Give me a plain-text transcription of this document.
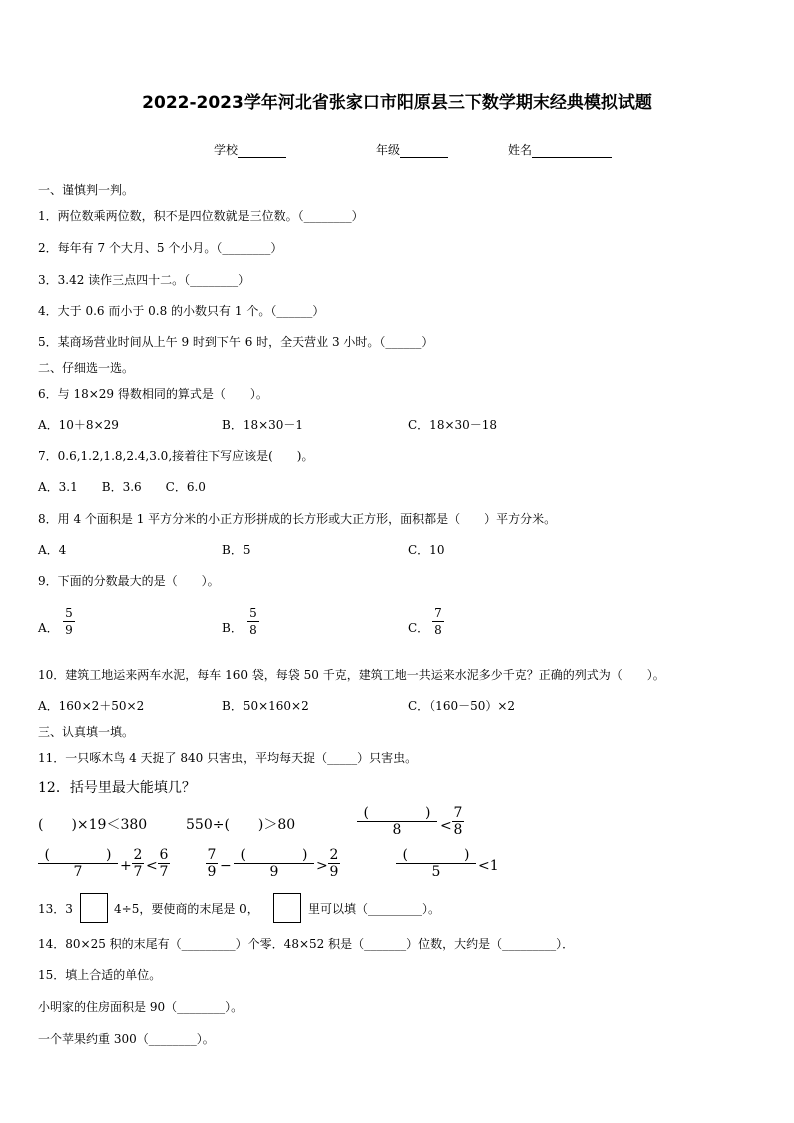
2022-2023学年河北省张家口市阳原县三下数学期末经典模拟试题
学校	年级	姓名
一、谨慎判一判。
1．两位数乘两位数，积不是四位数就是三位数。（________）
2．每年有 7 个大月、5 个小月。（________）
3．3.42 读作三点四十二。（________）
4．大于 0.6 而小于 0.8 的小数只有 1 个。（______）
5．某商场营业时间从上午 9 时到下午 6 时，全天营业 3 小时。（______）
二、仔细选一选。
6．与 18×29 得数相同的算式是（　　）。
A．10＋8×29	B．18×30－1	C．18×30－18
7．0.6,1.2,1.8,2.4,3.0,接着往下写应该是(　　)。
A．3.1　　B．3.6　　C．6.0
8．用 4 个面积是 1 平方分米的小正方形拼成的长方形或大正方形，面积都是（　　）平方分米。
A．4	B．5	C．10
9．下面的分数最大的是（　　）。
A．
5
9	B．
5
8	C．
7
8
10．建筑工地运来两车水泥，每车 160 袋，每袋 50 千克，建筑工地一共运来水泥多少千克？正确的列式为（　　）。
A．160×2＋50×2	B．50×160×2	C．（160－50）×2
三、认真填一填。
11．一只啄木鸟 4 天捉了 840 只害虫，平均每天捉（_____）只害虫。
12．括号里最大能填几？
(　　)×19＜380	550÷(　　)＞80
(　　　　)
8	<
7
8
(　　　　)
7	+
2
7 <
6
7
7
9 −
(　　　　)
9	>
2
9
(　　　　)
5	<1
13．3	4÷5，要使商的末尾是 0，	里可以填（_________）。
14．80×25 积的末尾有（_________）个零．48×52 积是（_______）位数，大约是（_________）．
15．填上合适的单位。
小明家的住房面积是 90（________）。
一个苹果约重 300（________）。
